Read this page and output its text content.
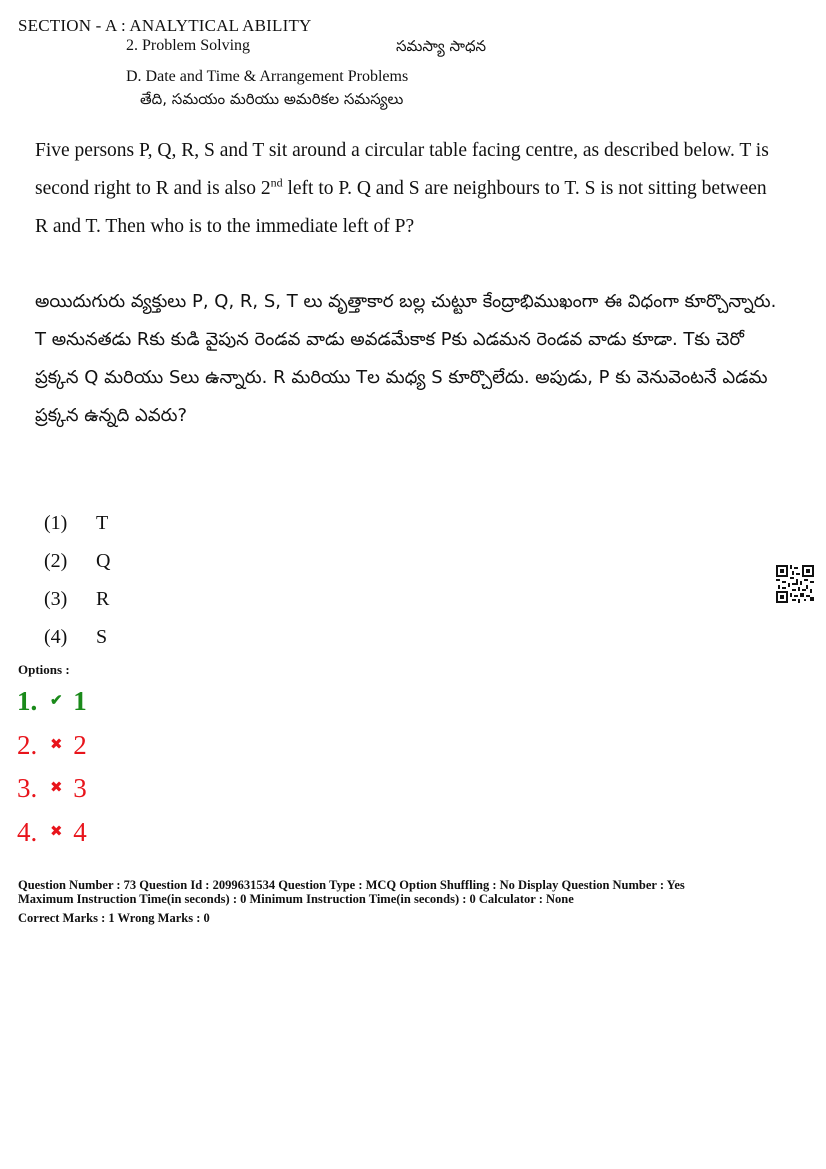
SECTION - A : ANALYTICAL ABILITY
2. Problem Solving	సమస్యా సాధన
D. Date and Time & Arrangement Problems
తేది, సమయం మరియు అమరికల సమస్యలు
Five persons P, Q, R, S and T sit around a circular table facing centre, as described below. T is second right to R and is also 2nd left to P. Q and S are neighbours to T. S is not sitting between R and T. Then who is to the immediate left of P?
అయిదుగురు వ్యక్తులు P, Q, R, S, T లు వృత్తాకార బల్ల చుట్టూ కేంద్రాభిముఖంగా ఈ విధంగా కూర్చొన్నారు. T అనునతడు Rకు కుడి వైపున రెండవ వాడు అవడమేకాక Pకు ఎడమన రెండవ వాడు కూడా. Tకు చెరో ప్రక్కన Q మరియు Sలు ఉన్నారు. R మరియు Tల మధ్య S కూర్చొలేదు. అపుడు, P కు వెనువెంటనే ఎడమ ప్రక్కన ఉన్నది ఎవరు?
(1)	T
(2)	Q
(3)	R
(4)	S
Options :
1. ✔ 1
2. ✖ 2
3. ✖ 3
4. ✖ 4
Question Number : 73 Question Id : 2099631534 Question Type : MCQ Option Shuffling : No Display Question Number : Yes
Maximum Instruction Time(in seconds) : 0 Minimum Instruction Time(in seconds) : 0 Calculator : None
Correct Marks : 1 Wrong Marks : 0
